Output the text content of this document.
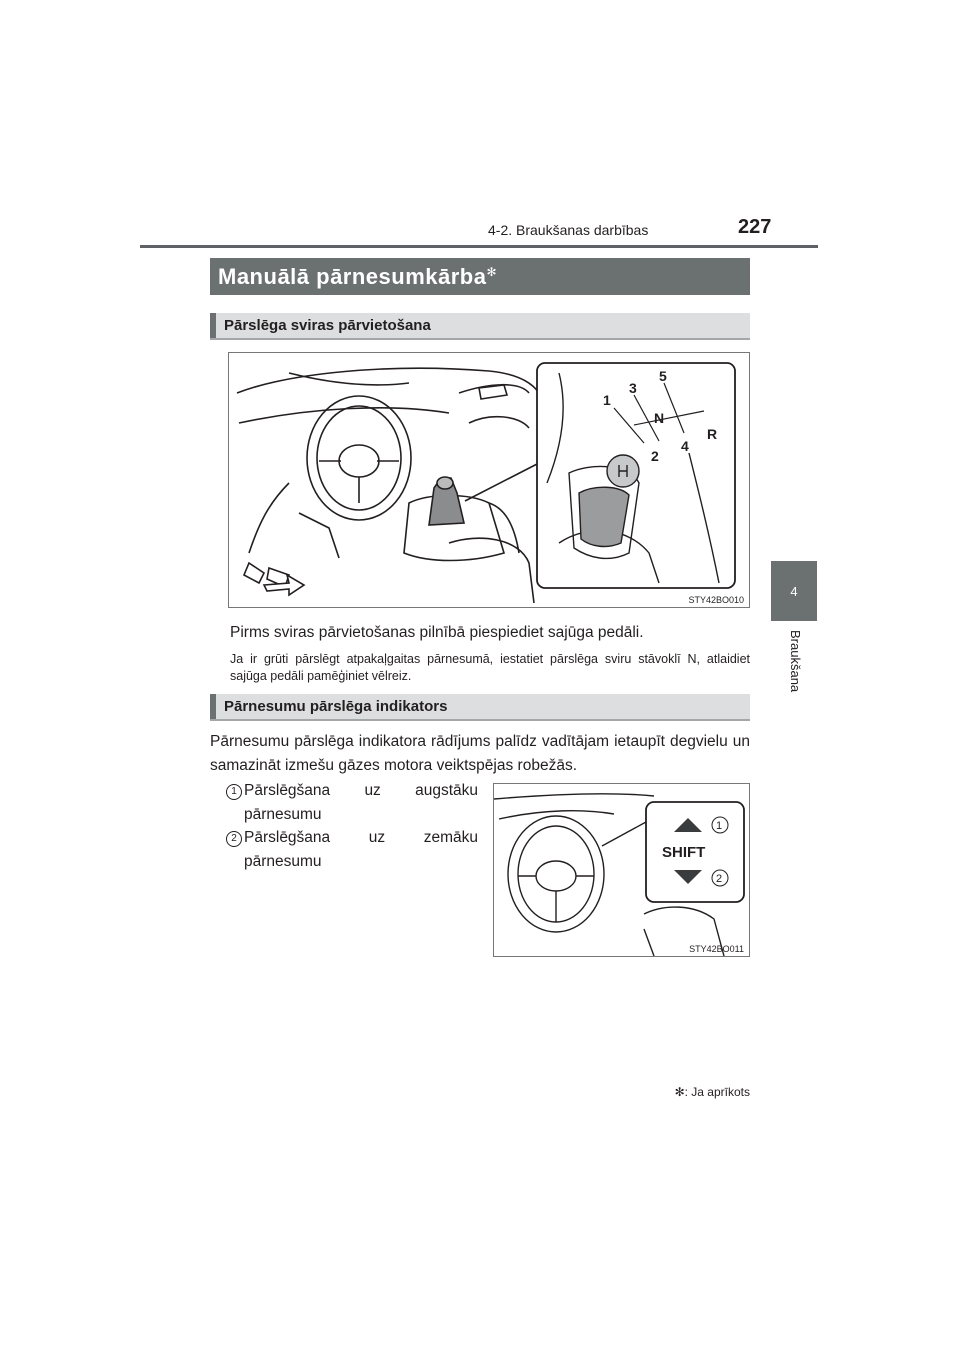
4-2. Braukšanas darbības	227
4
Braukšana
Manuālā pārnesumkārba✻
Pārslēga sviras pārvietošana
1
3
5
N
2
4
R
STY42BO010
Pirms sviras pārvietošanas pilnībā piespiediet sajūga pedāli.
Ja ir grūti pārslēgt atpakaļgaitas pārnesumā, iestatiet pārslēga sviru stāvoklī N, atlaidiet sajūga pedāli pamēģiniet vēlreiz.
Pārnesumu pārslēga indikators
Pārnesumu pārslēga indikatora rādījums palīdz vadītājam ietaupīt degvielu un samazināt izmešu gāzes motora veiktspējas robežās.
1 Pārslēgšana uz augstāku
pārnesumu
2 Pārslēgšana uz zemāku
pārnesumu
SHIFT
1
2
STY42BO011
✻: Ja aprīkots
